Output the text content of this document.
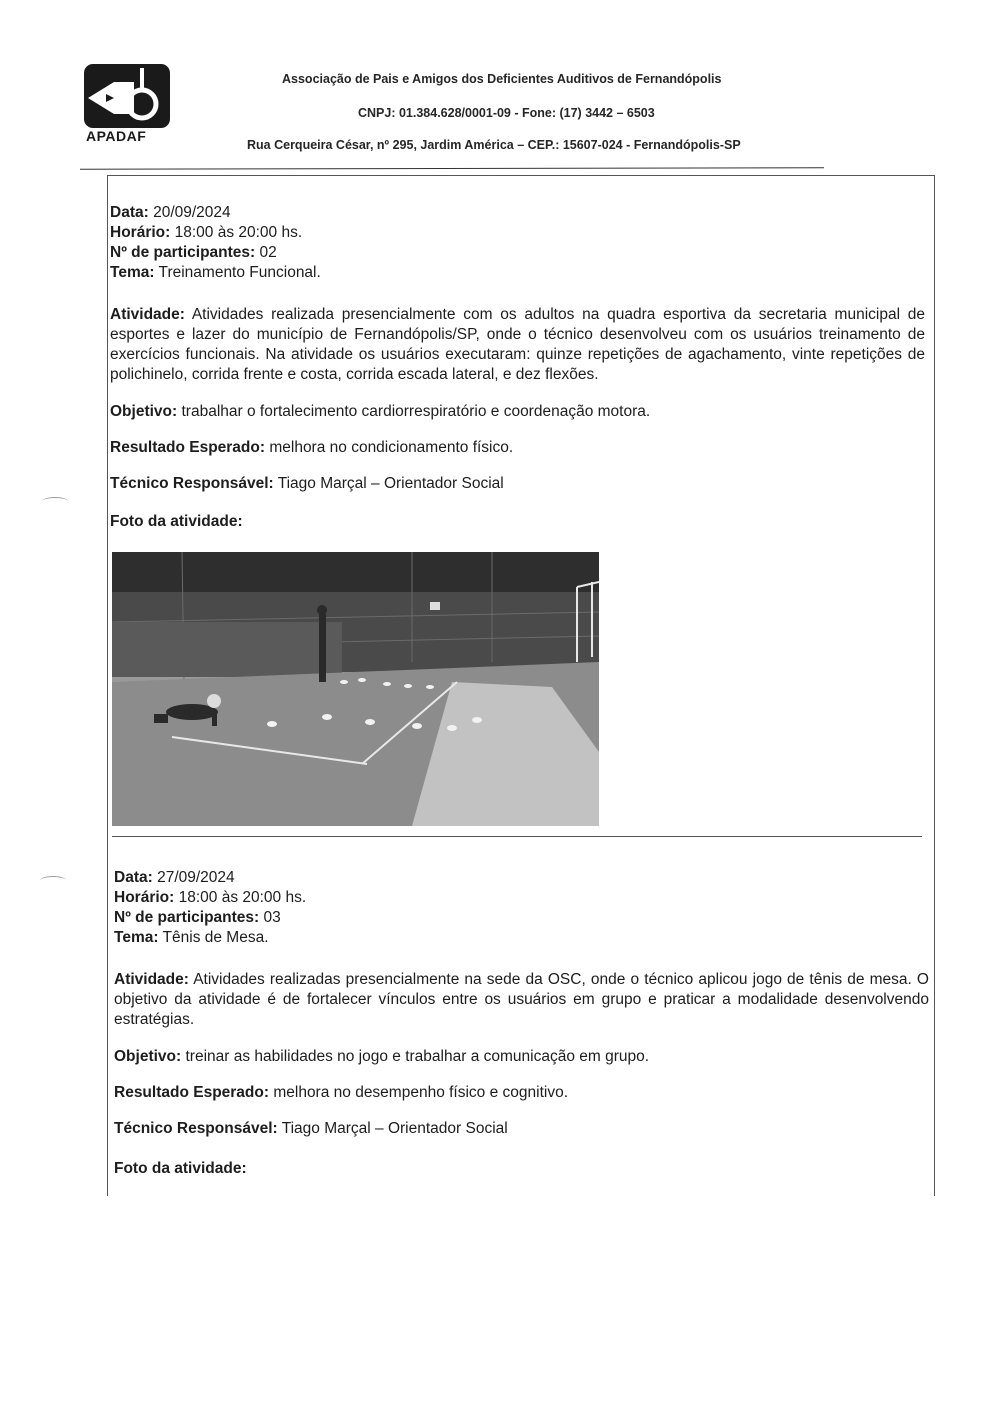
APADAF
Associação de Pais e Amigos dos Deficientes Auditivos de Fernandópolis
CNPJ: 01.384.628/0001-09 - Fone: (17) 3442 – 6503
Rua Cerqueira César, nº 295, Jardim América – CEP.: 15607-024 - Fernandópolis-SP
Data: 20/09/2024
Horário: 18:00 às 20:00 hs.
Nº de participantes: 02
Tema: Treinamento Funcional.
Atividade: Atividades realizada presencialmente com os adultos na quadra esportiva da secretaria municipal de esportes e lazer do município de Fernandópolis/SP, onde o técnico desenvolveu com os usuários treinamento de exercícios funcionais. Na atividade os usuários executaram: quinze repetições de agachamento, vinte repetições de polichinelo, corrida frente e costa, corrida escada lateral, e dez flexões.
Objetivo: trabalhar o fortalecimento cardiorrespiratório e coordenação motora.
Resultado Esperado: melhora no condicionamento físico.
Técnico Responsável: Tiago Marçal – Orientador Social
Foto da atividade:
Data: 27/09/2024
Horário: 18:00 às 20:00 hs.
Nº de participantes: 03
Tema: Tênis de Mesa.
Atividade: Atividades realizadas presencialmente na sede da OSC, onde o técnico aplicou jogo de tênis de mesa. O objetivo da atividade é de fortalecer vínculos entre os usuários em grupo e praticar a modalidade desenvolvendo estratégias.
Objetivo: treinar as habilidades no jogo e trabalhar a comunicação em grupo.
Resultado Esperado: melhora no desempenho físico e cognitivo.
Técnico Responsável: Tiago Marçal – Orientador Social
Foto da atividade:
